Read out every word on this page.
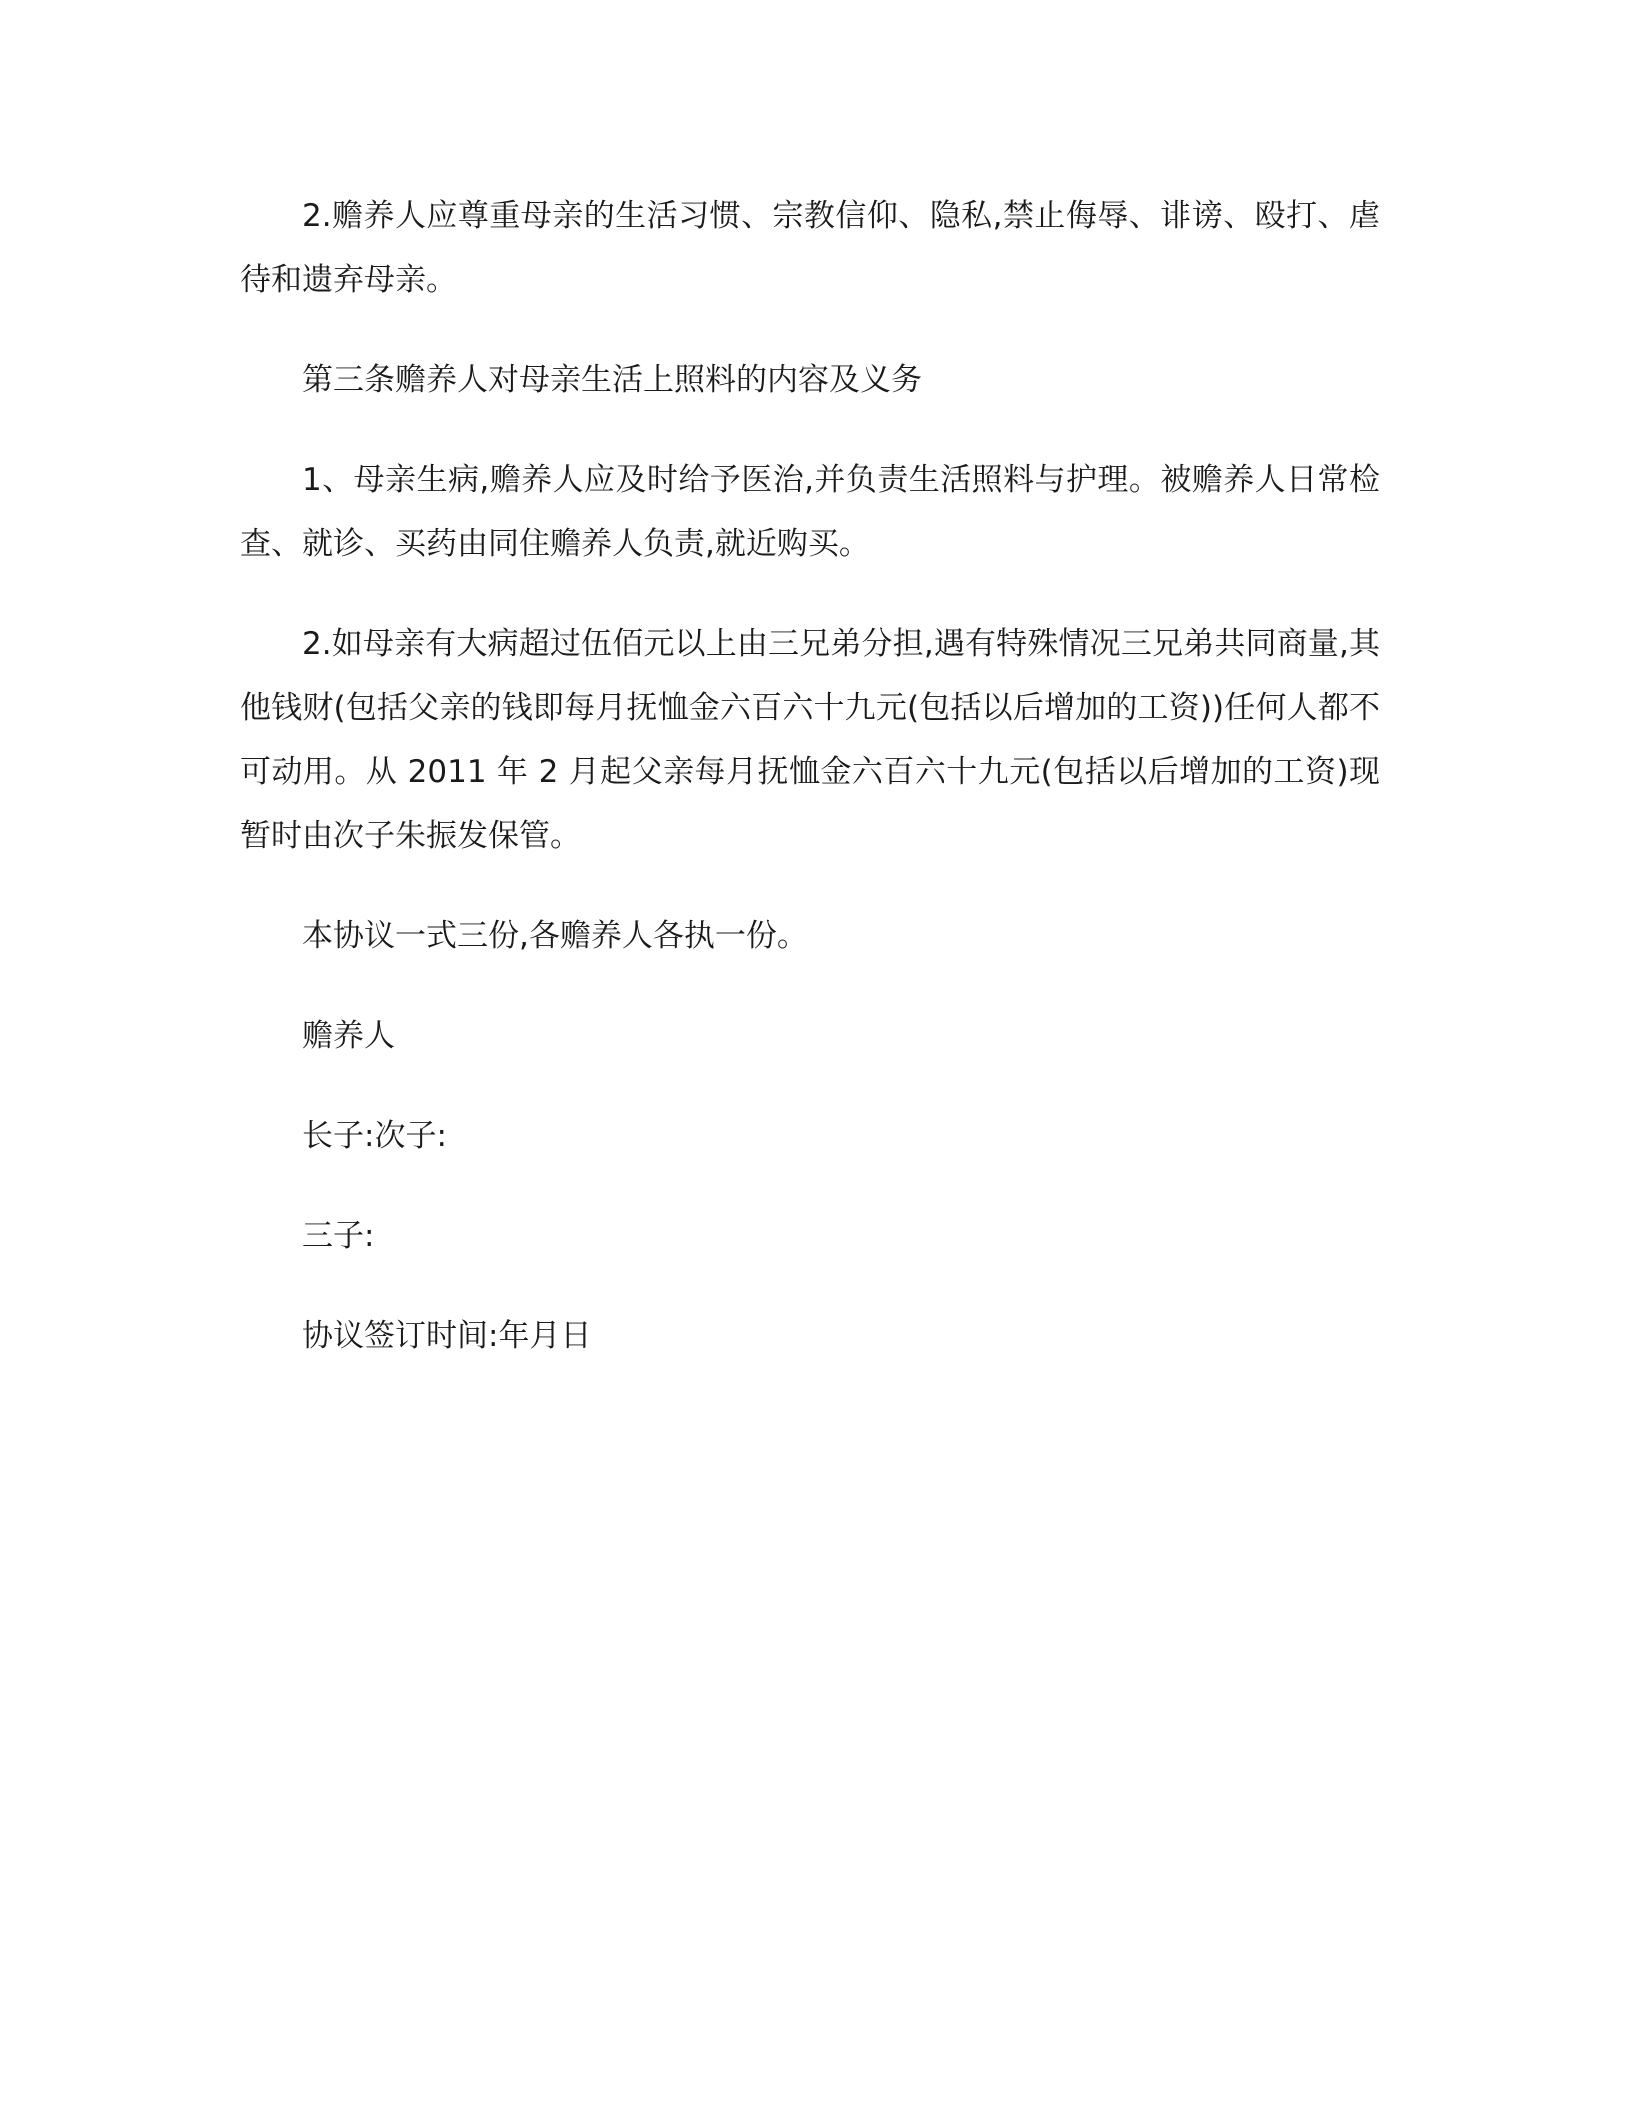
2.赡养人应尊重母亲的生活习惯、宗教信仰、隐私,禁止侮辱、诽谤、殴打、虐待和遗弃母亲。

第三条赡养人对母亲生活上照料的内容及义务

1、母亲生病,赡养人应及时给予医治,并负责生活照料与护理。被赡养人日常检查、就诊、买药由同住赡养人负责,就近购买。

2.如母亲有大病超过伍佰元以上由三兄弟分担,遇有特殊情况三兄弟共同商量,其他钱财(包括父亲的钱即每月抚恤金六百六十九元(包括以后增加的工资))任何人都不可动用。从 2011 年 2 月起父亲每月抚恤金六百六十九元(包括以后增加的工资)现暂时由次子朱振发保管。

本协议一式三份,各赡养人各执一份。

赡养人

长子:次子:

三子:

协议签订时间:年月日
